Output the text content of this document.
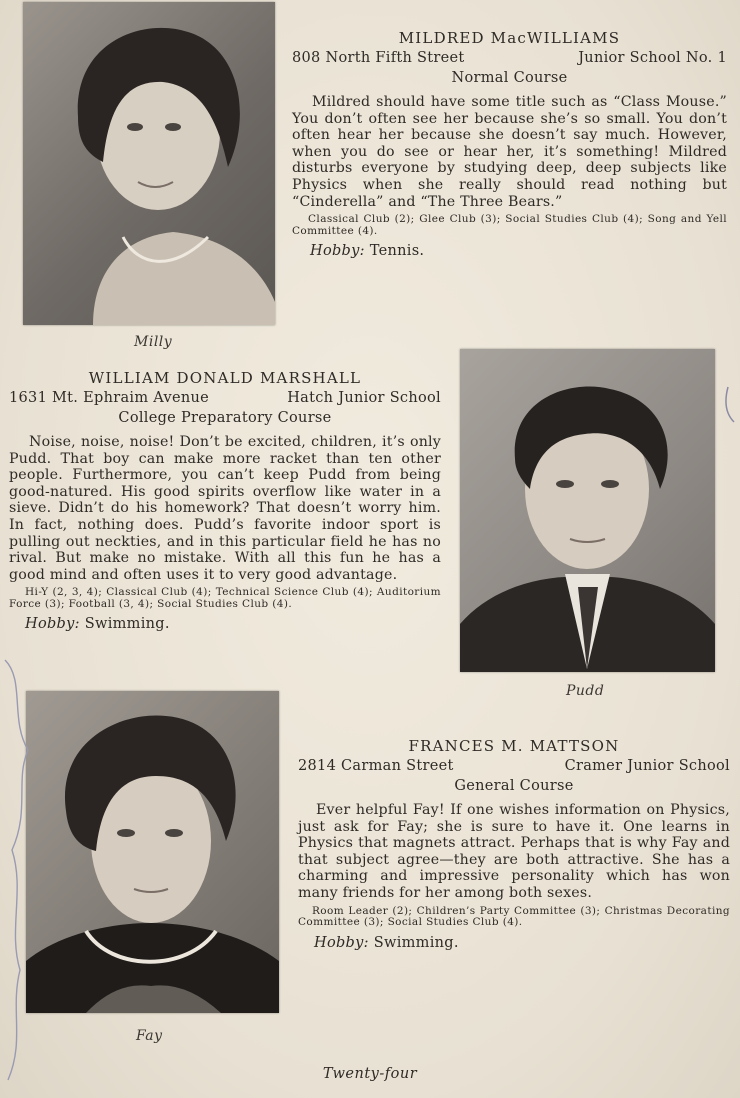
Milly
MILDRED MacWILLIAMS
808 North Fifth Street	Junior School No. 1
Normal Course

Mildred should have some title such as “Class Mouse.” You don’t often see her because she’s so small. You don’t often hear her because she doesn’t say much. However, when you do see or hear her, it’s something! Mildred disturbs everyone by studying deep, deep subjects like Physics when she really should read nothing but “Cinderella” and “The Three Bears.”

Classical Club (2); Glee Club (3); Social Studies Club (4); Song and Yell Committee (4).

Hobby: Tennis.
WILLIAM DONALD MARSHALL
1631 Mt. Ephraim Avenue	Hatch Junior School
College Preparatory Course

Noise, noise, noise! Don’t be excited, children, it’s only Pudd. That boy can make more racket than ten other people. Furthermore, you can’t keep Pudd from being good-natured. His good spirits overflow like water in a sieve. Didn’t do his homework? That doesn’t worry him. In fact, nothing does. Pudd’s favorite indoor sport is pulling out neckties, and in this particular field he has no rival. But make no mistake. With all this fun he has a good mind and often uses it to very good advantage.

Hi-Y (2, 3, 4); Classical Club (4); Technical Science Club (4); Auditorium Force (3); Football (3, 4); Social Studies Club (4).

Hobby: Swimming.
Pudd
Fay
FRANCES M. MATTSON
2814 Carman Street	Cramer Junior School
General Course

Ever helpful Fay! If one wishes information on Physics, just ask for Fay; she is sure to have it. One learns in Physics that magnets attract. Perhaps that is why Fay and that subject agree—they are both attractive. She has a charming and impressive personality which has won many friends for her among both sexes.

Room Leader (2); Children’s Party Committee (3); Christmas Decorating Committee (3); Social Studies Club (4).

Hobby: Swimming.
Twenty-four
